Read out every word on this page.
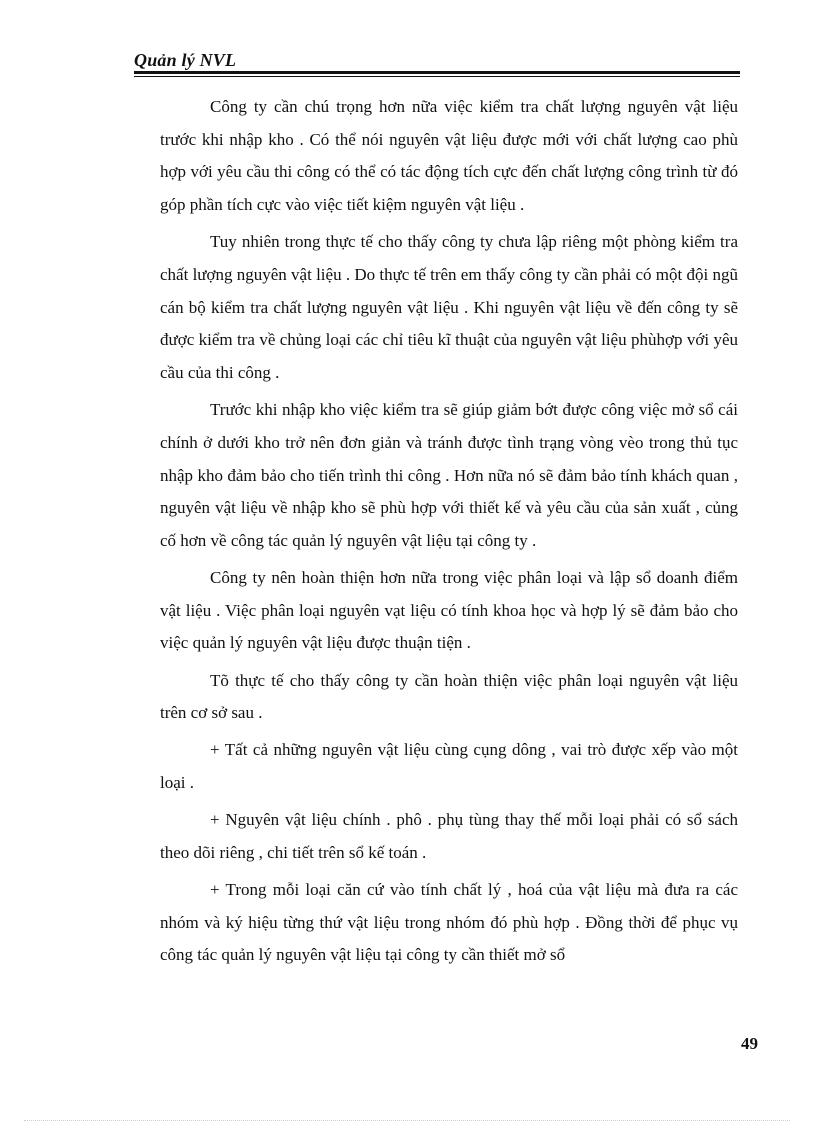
Quản lý NVL

Công ty cần chú trọng hơn nữa việc kiểm tra chất lượng nguyên vật liệu trước khi nhập kho . Có thể nói nguyên vật liệu được mới với chất lượng cao phù hợp với yêu cầu thi công có thể có tác động tích cực đến chất lượng công trình từ đó góp phần tích cực vào việc tiết kiệm nguyên vật liệu .

Tuy nhiên trong thực tế cho thấy công ty chưa lập riêng một phòng kiểm tra chất lượng nguyên vật liệu . Do thực tế trên em thấy công ty cần phải có một đội ngũ cán bộ kiểm tra chất lượng nguyên vật liệu . Khi nguyên vật liệu về đến công ty sẽ được kiểm tra về chủng loại các chỉ tiêu kĩ thuật của nguyên vật liệu phùhợp với yêu cầu của thi công .

Trước khi nhập kho việc kiểm tra sẽ giúp giảm bớt được công việc mở sổ cái chính ở dưới kho trở nên đơn giản và tránh được tình trạng vòng vèo trong thủ tục nhập kho đảm bảo cho tiến trình thi công . Hơn nữa nó sẽ đảm bảo tính khách quan , nguyên vật liệu về nhập kho sẽ phù hợp với thiết kế và yêu cầu của sản xuất , củng cố hơn về công tác quản lý nguyên vật liệu tại công ty .

Công ty nên hoàn thiện hơn nữa trong việc phân loại và lập sổ doanh điểm vật liệu . Việc phân loại nguyên vạt liệu có tính khoa học và hợp lý sẽ đảm bảo cho việc quản lý nguyên vật liệu được thuận tiện .

Tõ thực tế cho thấy công ty cần hoàn thiện việc phân loại nguyên vật liệu trên cơ sở sau .

+ Tất cả những nguyên vật liệu cùng cụng dông , vai trò được xếp vào một loại .

+ Nguyên vật liệu chính . phô . phụ tùng thay thế mỗi loại phải có sổ sách theo dõi riêng , chi tiết trên sổ kế toán .

+ Trong mỗi loại căn cứ vào tính chất lý , hoá của vật liệu mà đưa ra các nhóm và ký hiệu từng thứ vật liệu trong nhóm đó phù hợp . Đồng thời để phục vụ công tác quản lý nguyên vật liệu tại công ty cần thiết mở sổ

49
